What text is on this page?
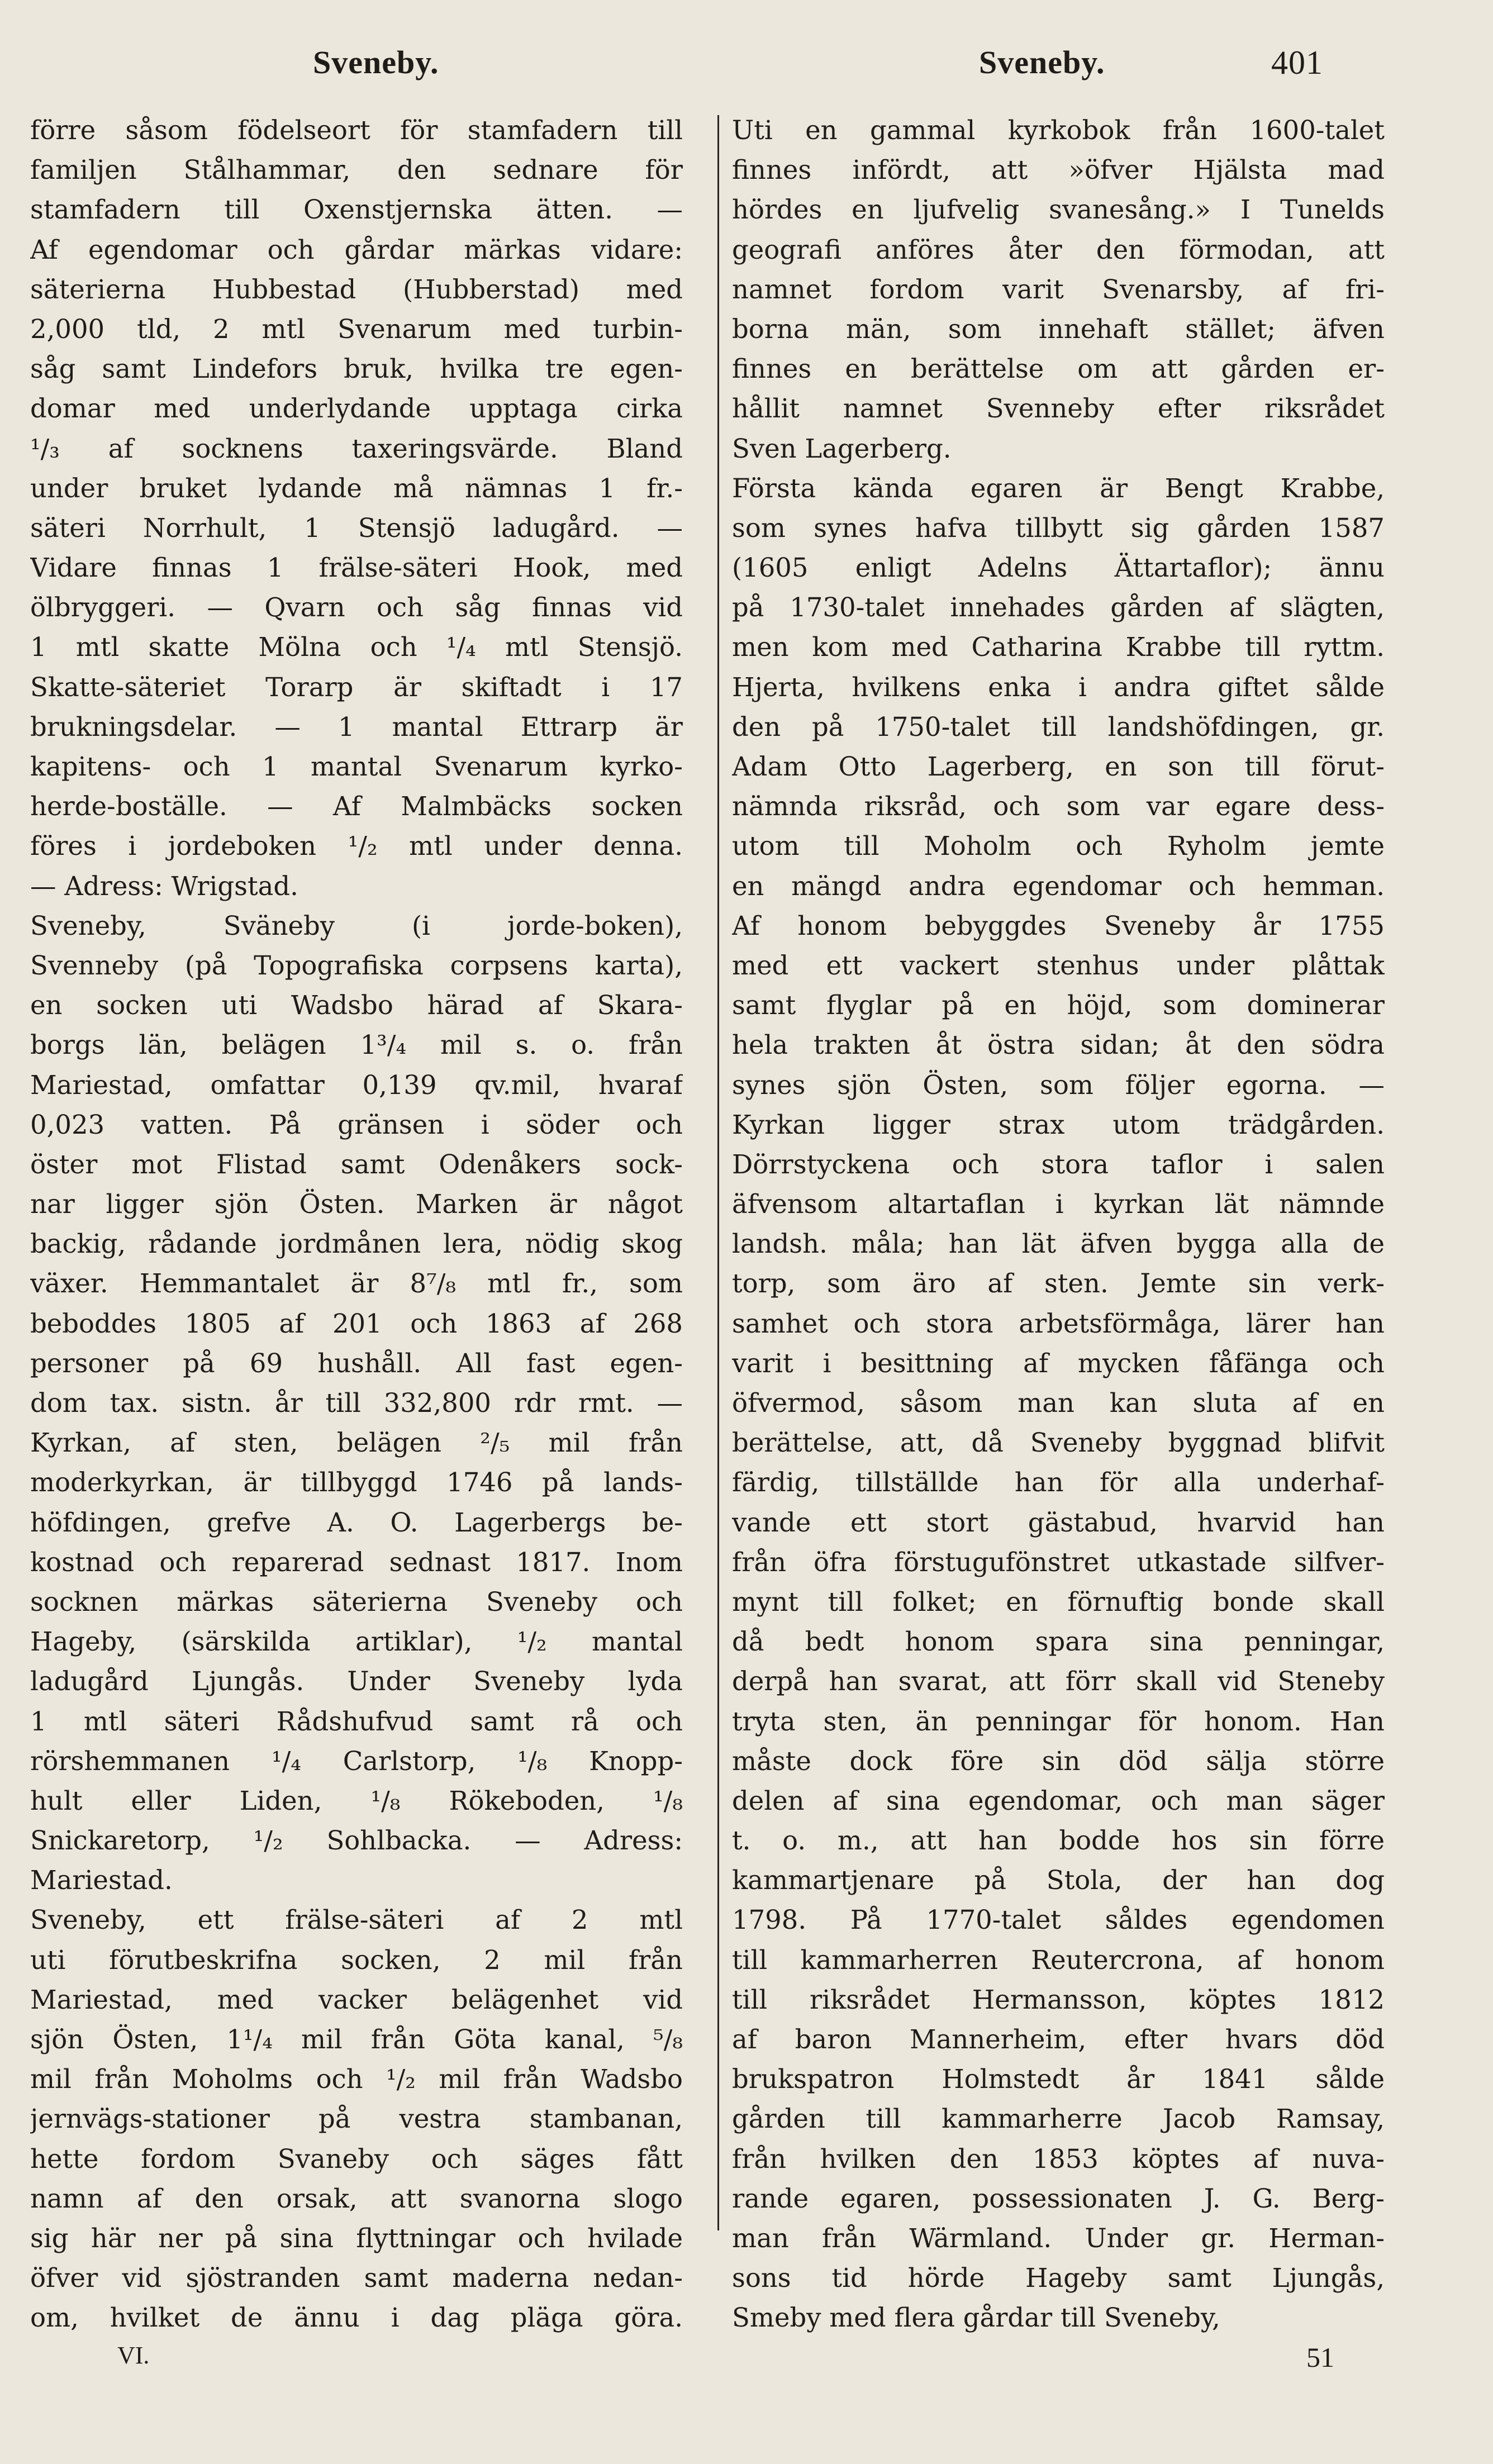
Sveneby.	Sveneby.	401
förre såsom födelseort för stamfadern till
familjen Stålhammar, den sednare för
stamfadern till Oxenstjernska ätten. —
Af egendomar och gårdar märkas vidare:
säterierna Hubbestad (Hubberstad) med
2,000 tld, 2 mtl Svenarum med turbin-
såg samt Lindefors bruk, hvilka tre egen-
domar med underlydande upptaga cirka
¹/₃ af socknens taxeringsvärde. Bland
under bruket lydande må nämnas 1 fr.-
säteri Norrhult, 1 Stensjö ladugård. —
Vidare finnas 1 frälse-säteri Hook, med
ölbryggeri. — Qvarn och såg finnas vid
1 mtl skatte Mölna och ¹/₄ mtl Stensjö.
Skatte-säteriet Torarp är skiftadt i 17
brukningsdelar. — 1 mantal Ettrarp är
kapitens- och 1 mantal Svenarum kyrko-
herde-boställe. — Af Malmbäcks socken
föres i jordeboken ¹/₂ mtl under denna.
— Adress: Wrigstad.
Sveneby, Sväneby (i jorde-boken),
Svenneby (på Topografiska corpsens karta),
en socken uti Wadsbo härad af Skara-
borgs län, belägen 1³/₄ mil s. o. från
Mariestad, omfattar 0,139 qv.mil, hvaraf
0,023 vatten. På gränsen i söder och
öster mot Flistad samt Odenåkers sock-
nar ligger sjön Östen. Marken är något
backig, rådande jordmånen lera, nödig skog
växer. Hemmantalet är 8⁷/₈ mtl fr., som
beboddes 1805 af 201 och 1863 af 268
personer på 69 hushåll. All fast egen-
dom tax. sistn. år till 332,800 rdr rmt. —
Kyrkan, af sten, belägen ²/₅ mil från
moderkyrkan, är tillbyggd 1746 på lands-
höfdingen, grefve A. O. Lagerbergs be-
kostnad och reparerad sednast 1817. Inom
socknen märkas säterierna Sveneby och
Hageby, (särskilda artiklar), ¹/₂ mantal
ladugård Ljungås. Under Sveneby lyda
1 mtl säteri Rådshufvud samt rå och
rörshemmanen ¹/₄ Carlstorp, ¹/₈ Knopp-
hult eller Liden, ¹/₈ Rökeboden, ¹/₈
Snickaretorp, ¹/₂ Sohlbacka. — Adress:
Mariestad.
Sveneby, ett frälse-säteri af 2 mtl
uti förutbeskrifna socken, 2 mil från
Mariestad, med vacker belägenhet vid
sjön Östen, 1¹/₄ mil från Göta kanal, ⁵/₈
mil från Moholms och ¹/₂ mil från Wadsbo
jernvägs-stationer på vestra stambanan,
hette fordom Svaneby och säges fått
namn af den orsak, att svanorna slogo
sig här ner på sina flyttningar och hvilade
öfver vid sjöstranden samt maderna nedan-
om, hvilket de ännu i dag pläga göra.
Uti en gammal kyrkobok från 1600-talet
finnes infördt, att »öfver Hjälsta mad
hördes en ljufvelig svanesång.» I Tunelds
geografi anföres åter den förmodan, att
namnet fordom varit Svenarsby, af fri-
borna män, som innehaft stället; äfven
finnes en berättelse om att gården er-
hållit namnet Svenneby efter riksrådet
Sven Lagerberg.
Första kända egaren är Bengt Krabbe,
som synes hafva tillbytt sig gården 1587
(1605 enligt Adelns Ättartaflor); ännu
på 1730-talet innehades gården af slägten,
men kom med Catharina Krabbe till ryttm.
Hjerta, hvilkens enka i andra giftet sålde
den på 1750-talet till landshöfdingen, gr.
Adam Otto Lagerberg, en son till förut-
nämnda riksråd, och som var egare dess-
utom till Moholm och Ryholm jemte
en mängd andra egendomar och hemman.
Af honom bebyggdes Sveneby år 1755
med ett vackert stenhus under plåttak
samt flyglar på en höjd, som dominerar
hela trakten åt östra sidan; åt den södra
synes sjön Östen, som följer egorna. —
Kyrkan ligger strax utom trädgården.
Dörrstyckena och stora taflor i salen
äfvensom altartaflan i kyrkan lät nämnde
landsh. måla; han lät äfven bygga alla de
torp, som äro af sten. Jemte sin verk-
samhet och stora arbetsförmåga, lärer han
varit i besittning af mycken fåfänga och
öfvermod, såsom man kan sluta af en
berättelse, att, då Sveneby byggnad blifvit
färdig, tillställde han för alla underhaf-
vande ett stort gästabud, hvarvid han
från öfra förstugufönstret utkastade silfver-
mynt till folket; en förnuftig bonde skall
då bedt honom spara sina penningar,
derpå han svarat, att förr skall vid Steneby
tryta sten, än penningar för honom. Han
måste dock före sin död sälja större
delen af sina egendomar, och man säger
t. o. m., att han bodde hos sin förre
kammartjenare på Stola, der han dog
1798. På 1770-talet såldes egendomen
till kammarherren Reutercrona, af honom
till riksrådet Hermansson, köptes 1812
af baron Mannerheim, efter hvars död
brukspatron Holmstedt år 1841 sålde
gården till kammarherre Jacob Ramsay,
från hvilken den 1853 köptes af nuva-
rande egaren, possessionaten J. G. Berg-
man från Wärmland. Under gr. Herman-
sons tid hörde Hageby samt Ljungås,
Smeby med flera gårdar till Sveneby,
VI.	51
